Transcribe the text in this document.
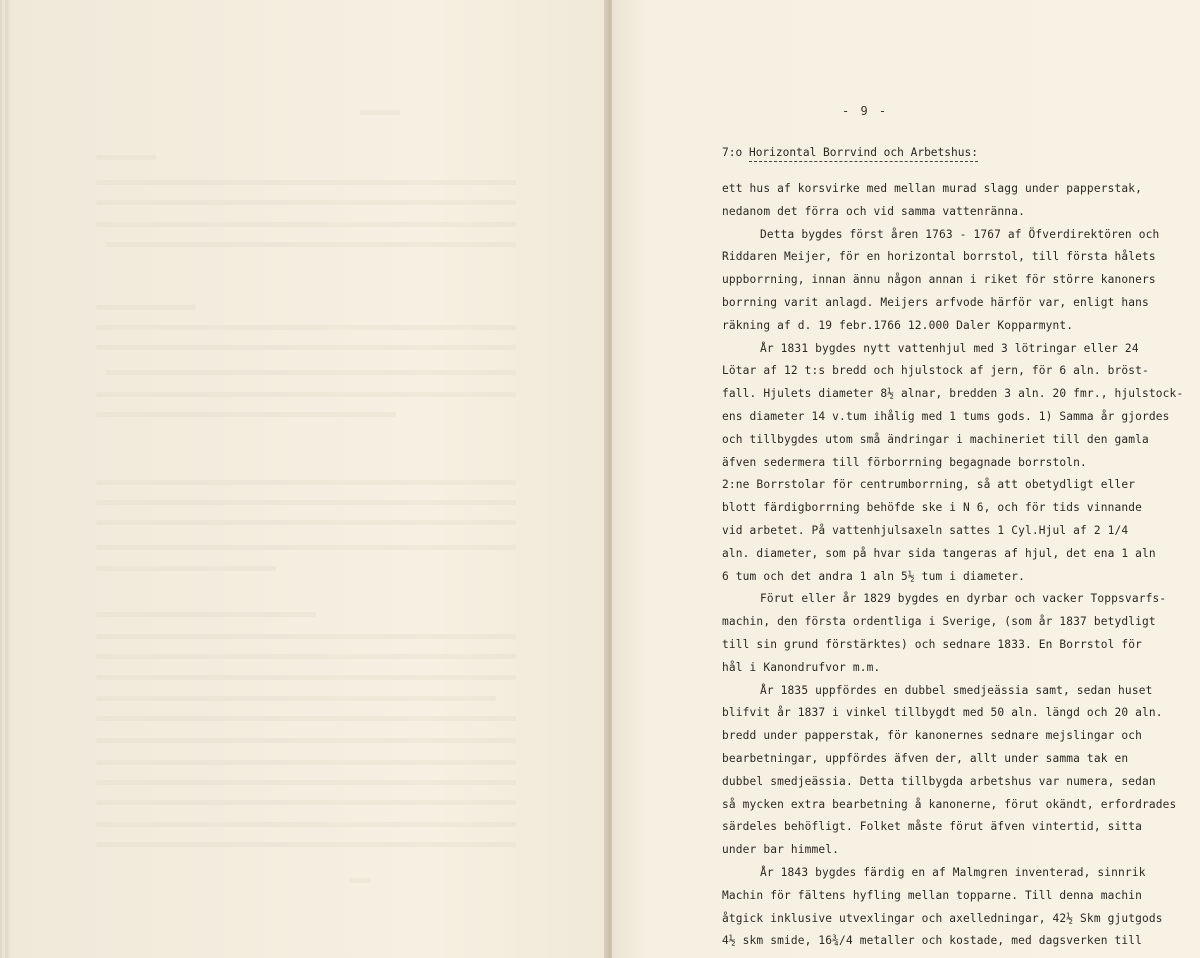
- 9 -
7:o Horizontal Borrvind och Arbetshus:
ett hus af korsvirke med mellan murad slagg under papperstak,
nedanom det förra och vid samma vattenränna.
Detta bygdes först åren 1763 - 1767 af Öfverdirektören och
Riddaren Meijer, för en horizontal borrstol, till första hålets
uppborrning, innan ännu någon annan i riket för större kanoners
borrning varit anlagd. Meijers arfvode härför var, enligt hans
räkning af d. 19 febr.1766 12.000 Daler Kopparmynt.
År 1831 bygdes nytt vattenhjul med 3 lötringar eller 24
Lötar af 12 t:s bredd och hjulstock af jern, för 6 aln. bröst-
fall. Hjulets diameter 8½ alnar, bredden 3 aln. 20 fmr., hjulstock-
ens diameter 14 v.tum ihålig med 1 tums gods. 1) Samma år gjordes
och tillbygdes utom små ändringar i machineriet till den gamla
äfven sedermera till förborrning begagnade borrstoln.
2:ne Borrstolar för centrumborrning, så att obetydligt eller
blott färdigborrning behöfde ske i N 6, och för tids vinnande
vid arbetet. På vattenhjulsaxeln sattes 1 Cyl.Hjul af 2 1/4
aln. diameter, som på hvar sida tangeras af hjul, det ena 1 aln
6 tum och det andra 1 aln 5½ tum i diameter.
Förut eller år 1829 bygdes en dyrbar och vacker Toppsvarfs-
machin, den första ordentliga i Sverige, (som år 1837 betydligt
till sin grund förstärktes) och sednare 1833. En Borrstol för
hål i Kanondrufvor m.m.
År 1835 uppfördes en dubbel smedjeässia samt, sedan huset
blifvit år 1837 i vinkel tillbygdt med 50 aln. längd och 20 aln.
bredd under papperstak, för kanonernes sednare mejslingar och
bearbetningar, uppfördes äfven der, allt under samma tak en
dubbel smedjeässia. Detta tillbygda arbetshus var numera, sedan
så mycken extra bearbetning å kanonerne, förut okändt, erfordrades
särdeles behöfligt. Folket måste förut äfven vintertid, sitta
under bar himmel.
År 1843 bygdes färdig en af Malmgren inventerad, sinnrik
Machin för fältens hyfling mellan topparne. Till denna machin
åtgick inklusive utvexlingar och axelledningar, 42½ Skm gjutgods
4½ skm smide, 16¾/4 metaller och kostade, med dagsverken till
